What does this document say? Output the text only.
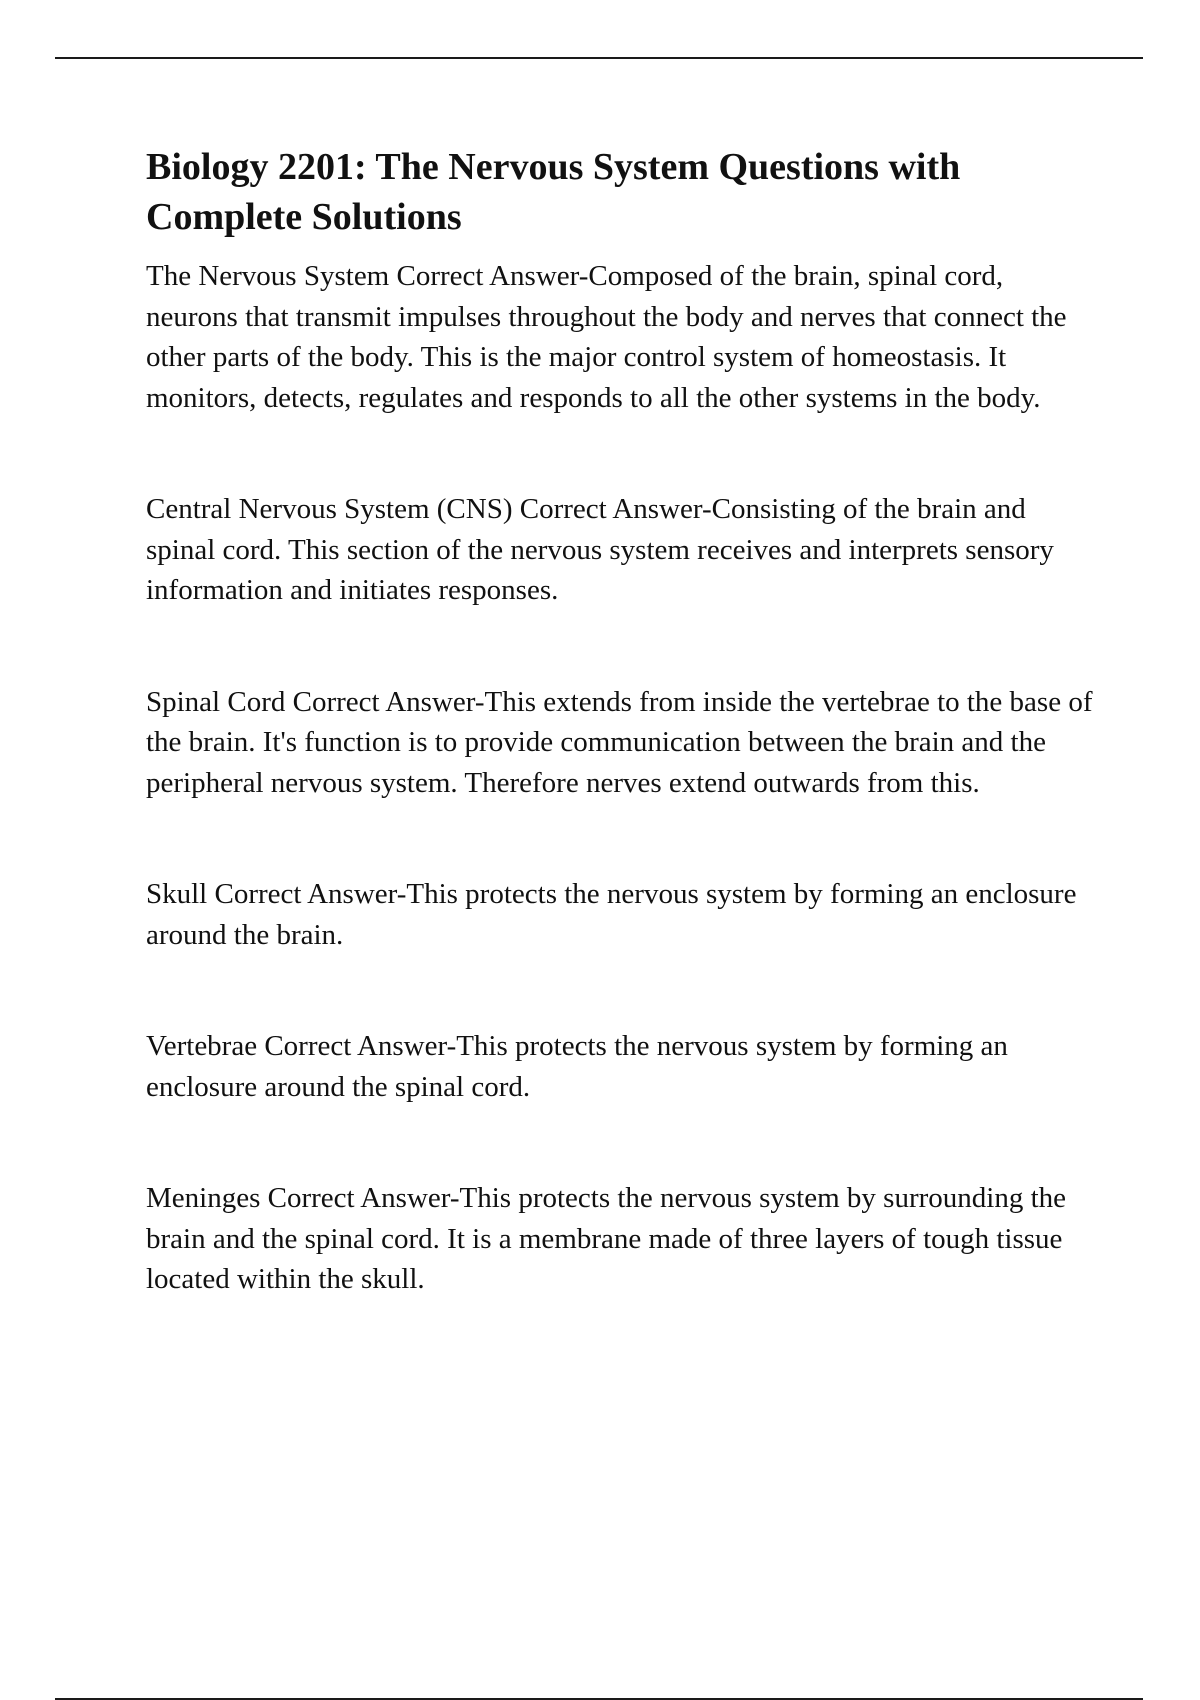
Biology 2201: The Nervous System Questions with Complete Solutions

The Nervous System Correct Answer-Composed of the brain, spinal cord, neurons that transmit impulses throughout the body and nerves that connect the other parts of the body. This is the major control system of homeostasis. It monitors, detects, regulates and responds to all the other systems in the body.

Central Nervous System (CNS) Correct Answer-Consisting of the brain and spinal cord. This section of the nervous system receives and interprets sensory information and initiates responses.

Spinal Cord Correct Answer-This extends from inside the vertebrae to the base of the brain. It's function is to provide communication between the brain and the peripheral nervous system. Therefore nerves extend outwards from this.

Skull Correct Answer-This protects the nervous system by forming an enclosure around the brain.

Vertebrae Correct Answer-This protects the nervous system by forming an enclosure around the spinal cord.

Meninges Correct Answer-This protects the nervous system by surrounding the brain and the spinal cord. It is a membrane made of three layers of tough tissue located within the skull.
